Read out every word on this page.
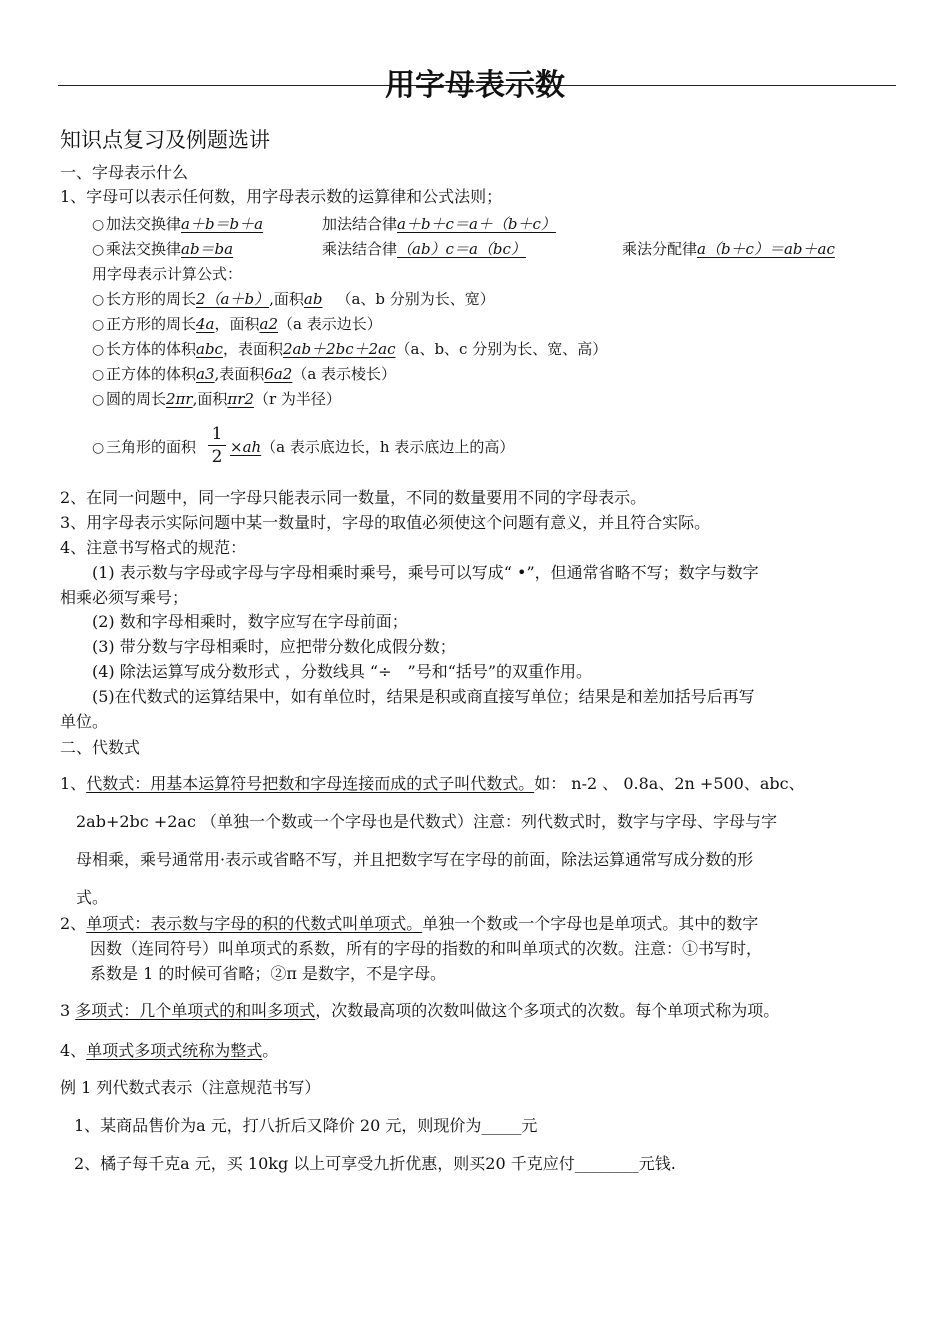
用字母表示数
知识点复习及例题选讲
一、字母表示什么
1、字母可以表示任何数，用字母表示数的运算律和公式法则；
○ 加法交换律a＋b＝b＋a	加法结合律a＋b＋c＝a＋（b＋c）
○ 乘法交换律ab＝ba	乘法结合律（ab）c＝a（bc）	乘法分配律a（b＋c）＝ab＋ac
用字母表示计算公式：
○ 长方形的周长2（a＋b）,面积ab （a、b 分别为长、宽）
○ 正方形的周长4a，面积a2（a 表示边长）
○ 长方体的体积abc，表面积2ab＋2bc＋2ac（a、b、c 分别为长、宽、高）
○ 正方体的体积a3,表面积6a2（a 表示棱长）
○ 圆的周长2πr,面积πr2（r 为半径）
○ 三角形的面积
1
2 ×ah（a 表示底边长，h 表示底边上的高）
2、在同一问题中，同一字母只能表示同一数量，不同的数量要用不同的字母表示。
3、用字母表示实际问题中某一数量时，字母的取值必须使这个问题有意义，并且符合实际。
4、注意书写格式的规范：
(1) 表示数与字母或字母与字母相乘时乘号，乘号可以写成“ •”，但通常省略不写；数字与数字
相乘必须写乘号；
(2) 数和字母相乘时，数字应写在字母前面；
(3) 带分数与字母相乘时，应把带分数化成假分数；
(4) 除法运算写成分数形式 ，分数线具 “÷　”号和“括号”的双重作用。
(5)在代数式的运算结果中，如有单位时，结果是积或商直接写单位；结果是和差加括号后再写
单位。
二、代数式
1、代数式：用基本运算符号把数和字母连接而成的式子叫代数式。如： n-2 、 0.8a、2n +500、abc、
2ab+2bc +2ac （单独一个数或一个字母也是代数式）注意：列代数式时，数字与字母、字母与字
母相乘，乘号通常用·表示或省略不写，并且把数字写在字母的前面，除法运算通常写成分数的形
式。
2、单项式：表示数与字母的积的代数式叫单项式。单独一个数或一个字母也是单项式。其中的数字
因数（连同符号）叫单项式的系数，所有的字母的指数的和叫单项式的次数。注意：①书写时，
系数是 1 的时候可省略；②π 是数字，不是字母。
3 多项式：几个单项式的和叫多项式，次数最高项的次数叫做这个多项式的次数。每个单项式称为项。
4、单项式多项式统称为整式。
例 1 列代数式表示（注意规范书写）
1、某商品售价为a 元，打八折后又降价 20 元，则现价为_____元
2、橘子每千克a 元，买 10kg 以上可享受九折优惠，则买20 千克应付________元钱.
